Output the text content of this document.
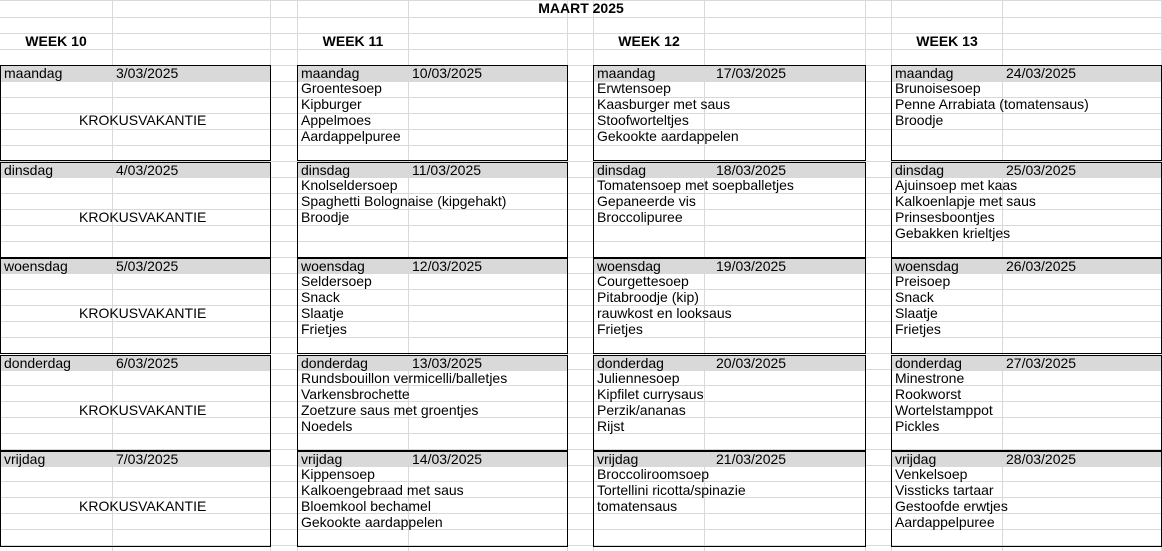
MAART 2025
WEEK 10	WEEK 11	WEEK 12	WEEK 13
maandag	3/03/2025
KROKUSVAKANTIE
dinsdag	4/03/2025
KROKUSVAKANTIE
woensdag	5/03/2025
KROKUSVAKANTIE
donderdag	6/03/2025
KROKUSVAKANTIE
vrijdag	7/03/2025
KROKUSVAKANTIE
maandag	10/03/2025
Groentesoep
Kipburger
Appelmoes
Aardappelpuree
dinsdag	11/03/2025
Knolseldersoep
Spaghetti Bolognaise (kipgehakt)
Broodje
woensdag	12/03/2025
Seldersoep
Snack
Slaatje
Frietjes
donderdag	13/03/2025
Rundsbouillon vermicelli/balletjes
Varkensbrochette
Zoetzure saus met groentjes
Noedels
vrijdag	14/03/2025
Kippensoep
Kalkoengebraad met saus
Bloemkool bechamel
Gekookte aardappelen
maandag	17/03/2025
Erwtensoep
Kaasburger met saus
Stoofworteltjes
Gekookte aardappelen
dinsdag	18/03/2025
Tomatensoep met soepballetjes
Gepaneerde vis
Broccolipuree
woensdag	19/03/2025
Courgettesoep
Pitabroodje (kip)
rauwkost en looksaus
Frietjes
donderdag	20/03/2025
Juliennesoep
Kipfilet currysaus
Perzik/ananas
Rijst
vrijdag	21/03/2025
Broccoliroomsoep
Tortellini ricotta/spinazie
tomatensaus
maandag	24/03/2025
Brunoisesoep
Penne Arrabiata (tomatensaus)
Broodje
dinsdag	25/03/2025
Ajuinsoep met kaas
Kalkoenlapje met saus
Prinsesboontjes
Gebakken krieltjes
woensdag	26/03/2025
Preisoep
Snack
Slaatje
Frietjes
donderdag	27/03/2025
Minestrone
Rookworst
Wortelstamppot
Pickles
vrijdag	28/03/2025
Venkelsoep
Vissticks tartaar
Gestoofde erwtjes
Aardappelpuree
